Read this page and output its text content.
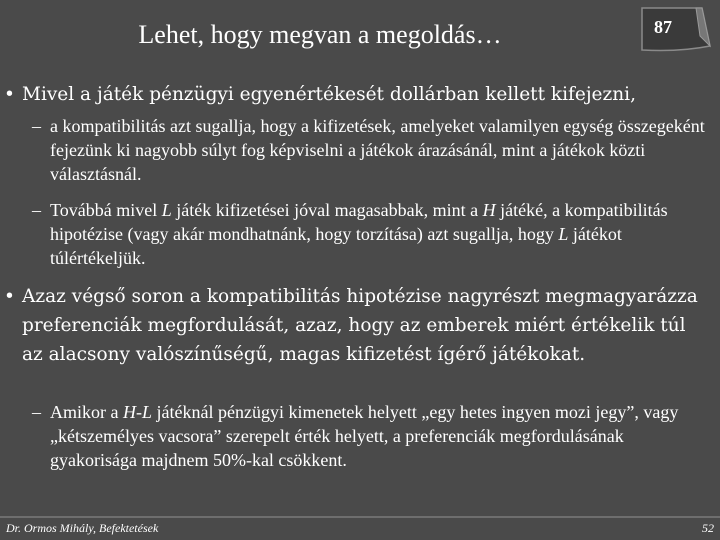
Lehet, hogy megvan a megoldás…	87
• Mivel a játék pénzügyi egyenértékesét dollárban kellett kifejezni,
– a kompatibilitás azt sugallja, hogy a kifizetések, amelyeket valamilyen egység összegeként fejezünk ki nagyobb súlyt fog képviselni a játékok árazásánál, mint a játékok közti választásnál.
– Továbbá mivel L játék kifizetései jóval magasabbak, mint a H játéké, a kompatibilitás hipotézise (vagy akár mondhatnánk, hogy torzítása) azt sugallja, hogy L játékot túlértékeljük.
• Azaz végső soron a kompatibilitás hipotézise nagyrészt megmagyarázza preferenciák megfordulását, azaz, hogy az emberek miért értékelik túl az alacsony valószínűségű, magas kifizetést ígérő játékokat.
– Amikor a H-L játéknál pénzügyi kimenetek helyett „egy hetes ingyen mozi jegy”, vagy „kétszemélyes vacsora” szerepelt érték helyett, a preferenciák megfordulásának gyakorisága majdnem 50%-kal csökkent.
Dr. Ormos Mihály, Befektetések	52
